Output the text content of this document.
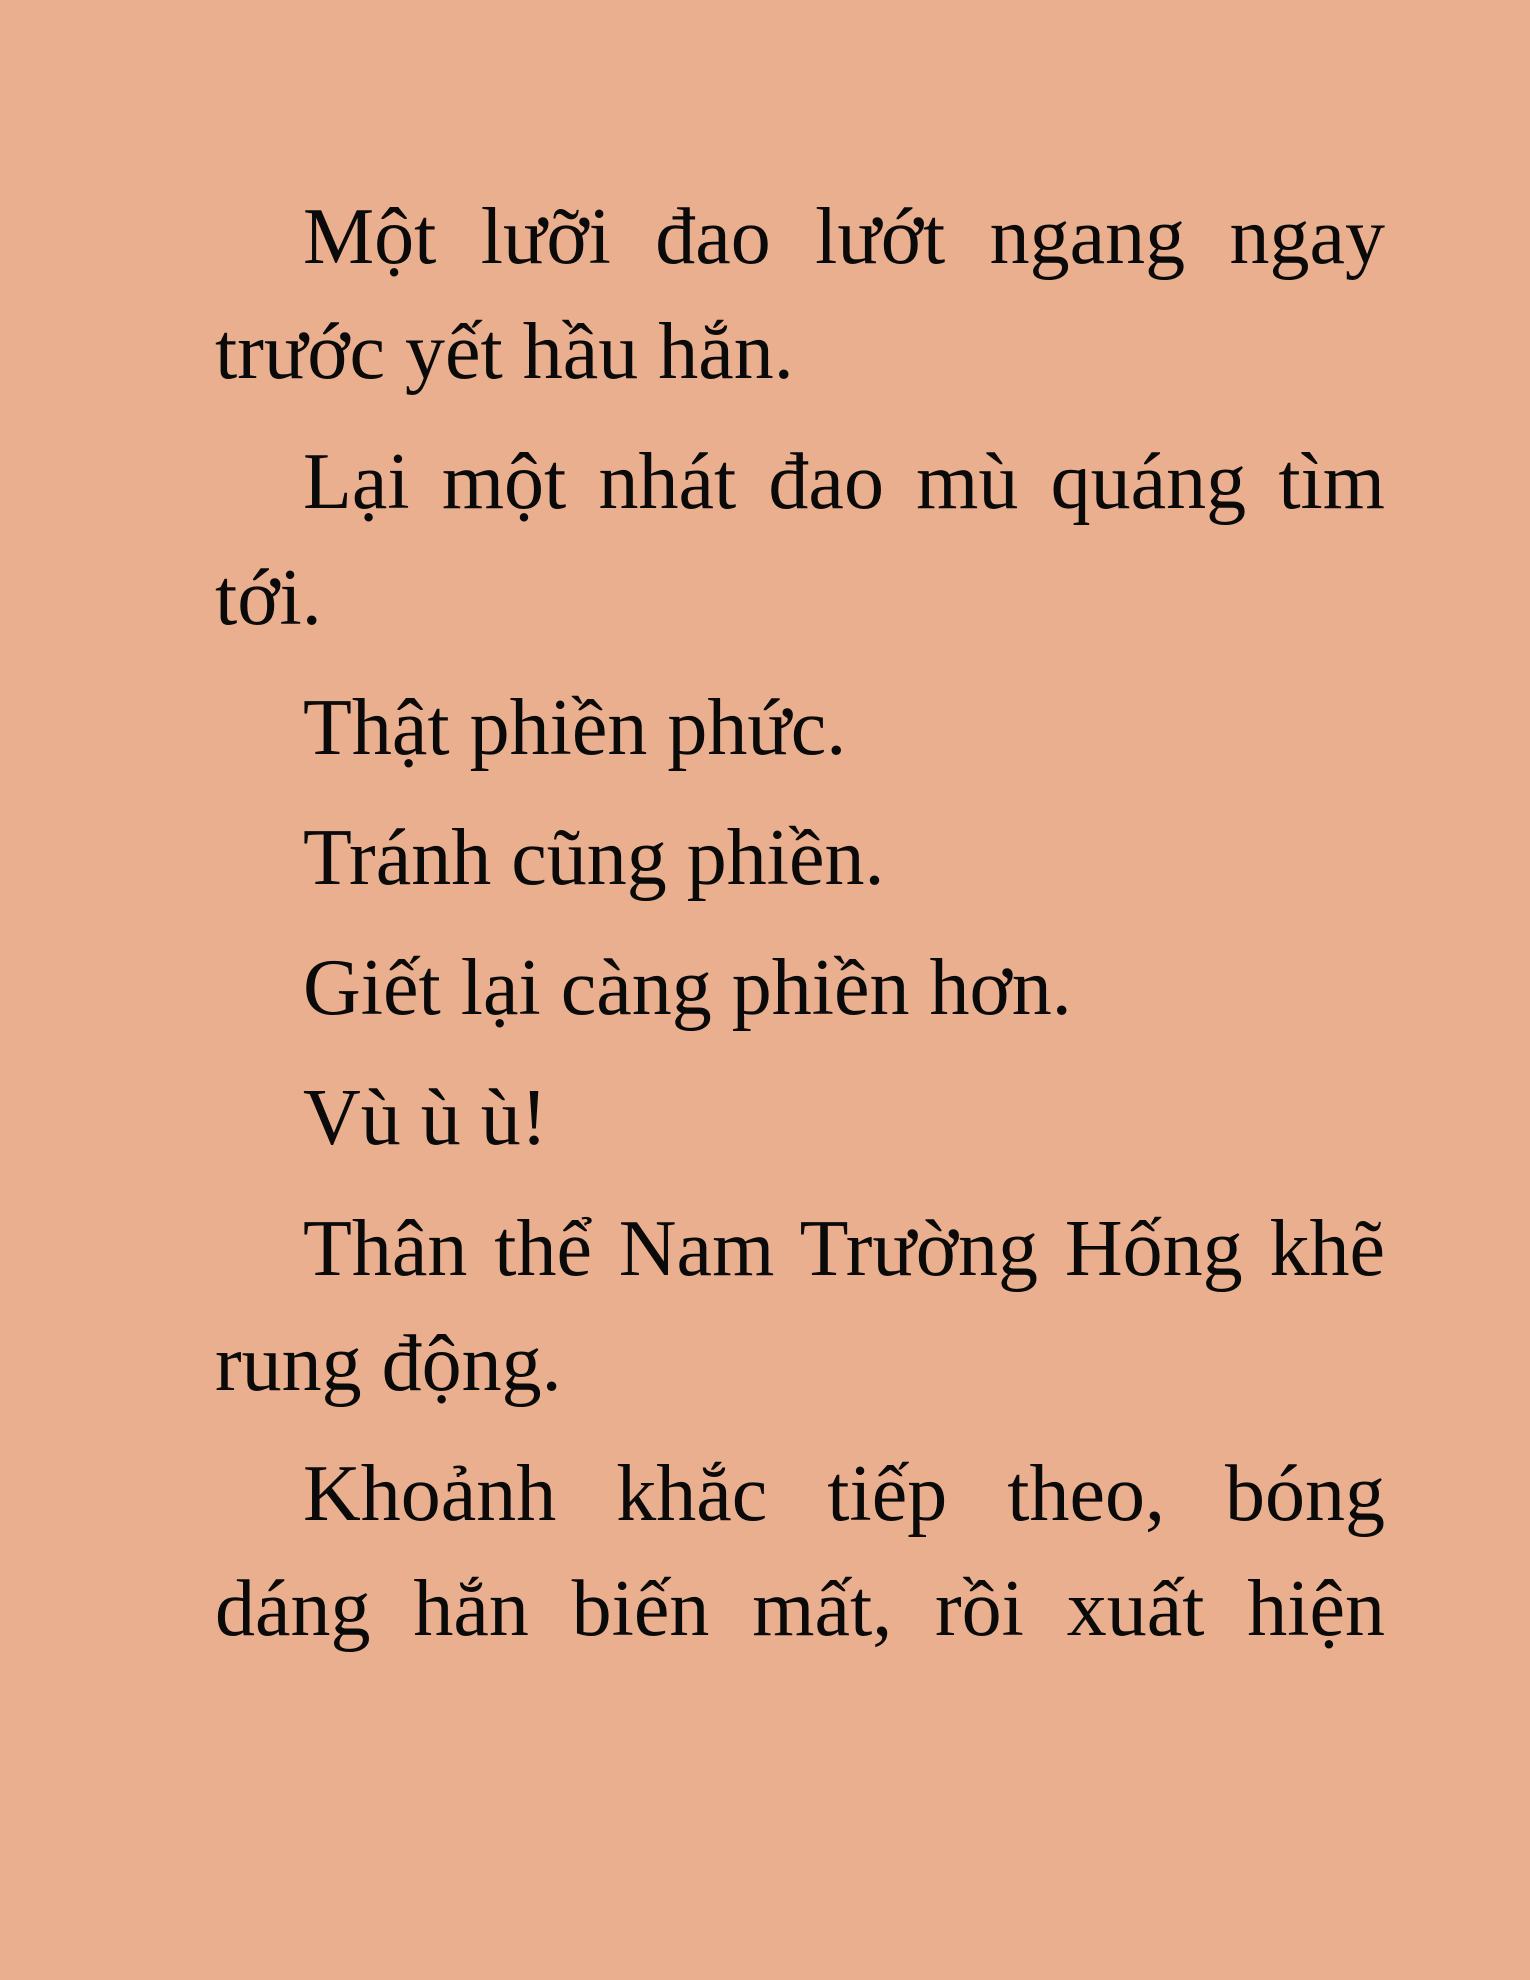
Một lưỡi đao lướt ngang ngay trước yết hầu hắn.

Lại một nhát đao mù quáng tìm tới.

Thật phiền phức.

Tránh cũng phiền.

Giết lại càng phiền hơn.

Vù ù ù!

Thân thể Nam Trường Hống khẽ rung động.

Khoảnh khắc tiếp theo, bóng dáng hắn biến mất, rồi xuất hiện
